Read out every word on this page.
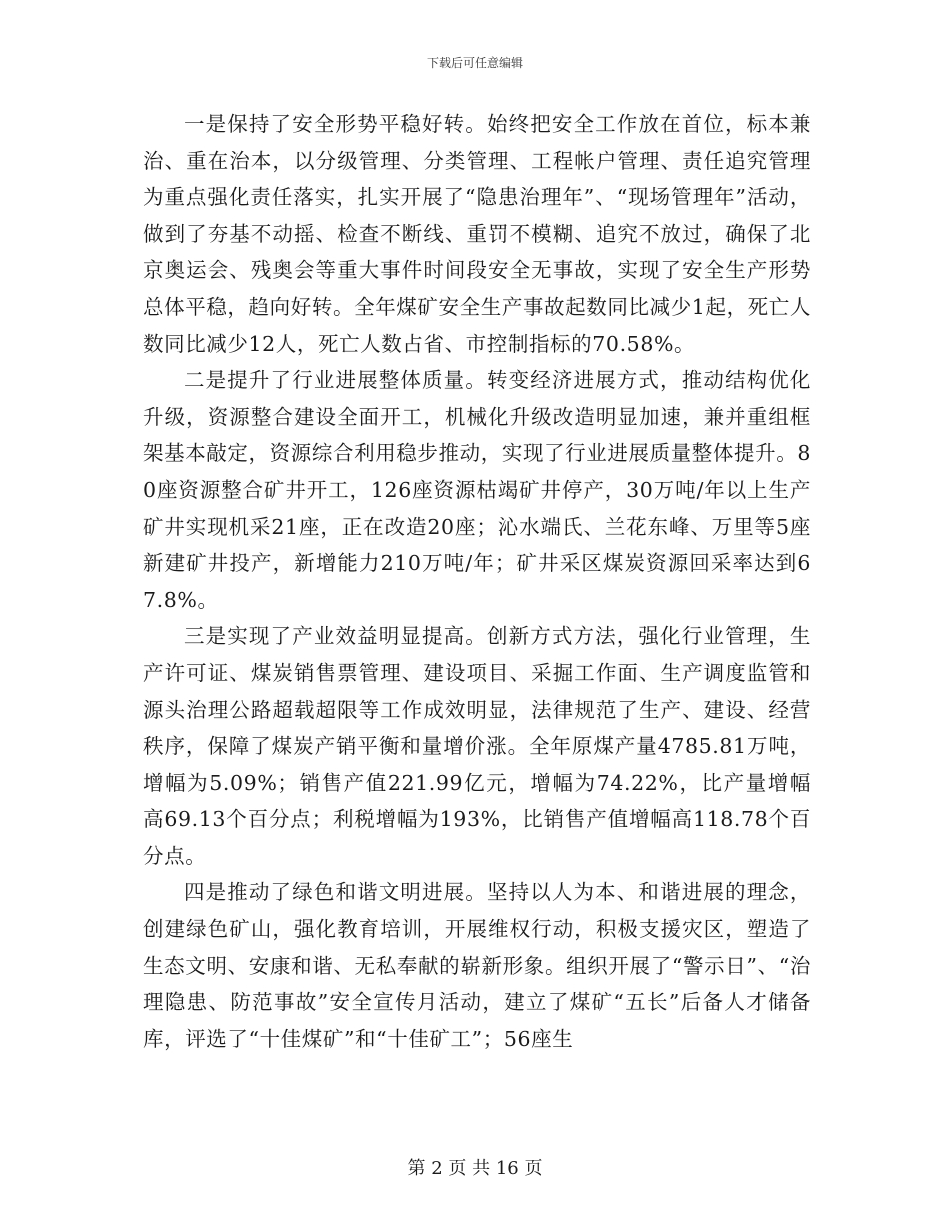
下载后可任意编辑

一是保持了安全形势平稳好转。始终把安全工作放在首位，标本兼治、重在治本，以分级管理、分类管理、工程帐户管理、责任追究管理为重点强化责任落实，扎实开展了“隐患治理年”、“现场管理年”活动，做到了夯基不动摇、检查不断线、重罚不模糊、追究不放过，确保了北京奥运会、残奥会等重大事件时间段安全无事故，实现了安全生产形势总体平稳，趋向好转。全年煤矿安全生产事故起数同比减少1起，死亡人数同比减少12人，死亡人数占省、市控制指标的70.58%。

二是提升了行业进展整体质量。转变经济进展方式，推动结构优化升级，资源整合建设全面开工，机械化升级改造明显加速，兼并重组框架基本敲定，资源综合利用稳步推动，实现了行业进展质量整体提升。80座资源整合矿井开工，126座资源枯竭矿井停产，30万吨/年以上生产矿井实现机采21座，正在改造20座；沁水端氏、兰花东峰、万里等5座新建矿井投产，新增能力210万吨/年；矿井采区煤炭资源回采率达到67.8%。

三是实现了产业效益明显提高。创新方式方法，强化行业管理，生产许可证、煤炭销售票管理、建设项目、采掘工作面、生产调度监管和源头治理公路超载超限等工作成效明显，法律规范了生产、建设、经营秩序，保障了煤炭产销平衡和量增价涨。全年原煤产量4785.81万吨，增幅为5.09%；销售产值221.99亿元，增幅为74.22%，比产量增幅高69.13个百分点；利税增幅为193%，比销售产值增幅高118.78个百分点。

四是推动了绿色和谐文明进展。坚持以人为本、和谐进展的理念，创建绿色矿山，强化教育培训，开展维权行动，积极支援灾区，塑造了生态文明、安康和谐、无私奉献的崭新形象。组织开展了“警示日”、“治理隐患、防范事故”安全宣传月活动，建立了煤矿“五长”后备人才储备库，评选了“十佳煤矿”和“十佳矿工”；56座生

第 2 页 共 16 页
